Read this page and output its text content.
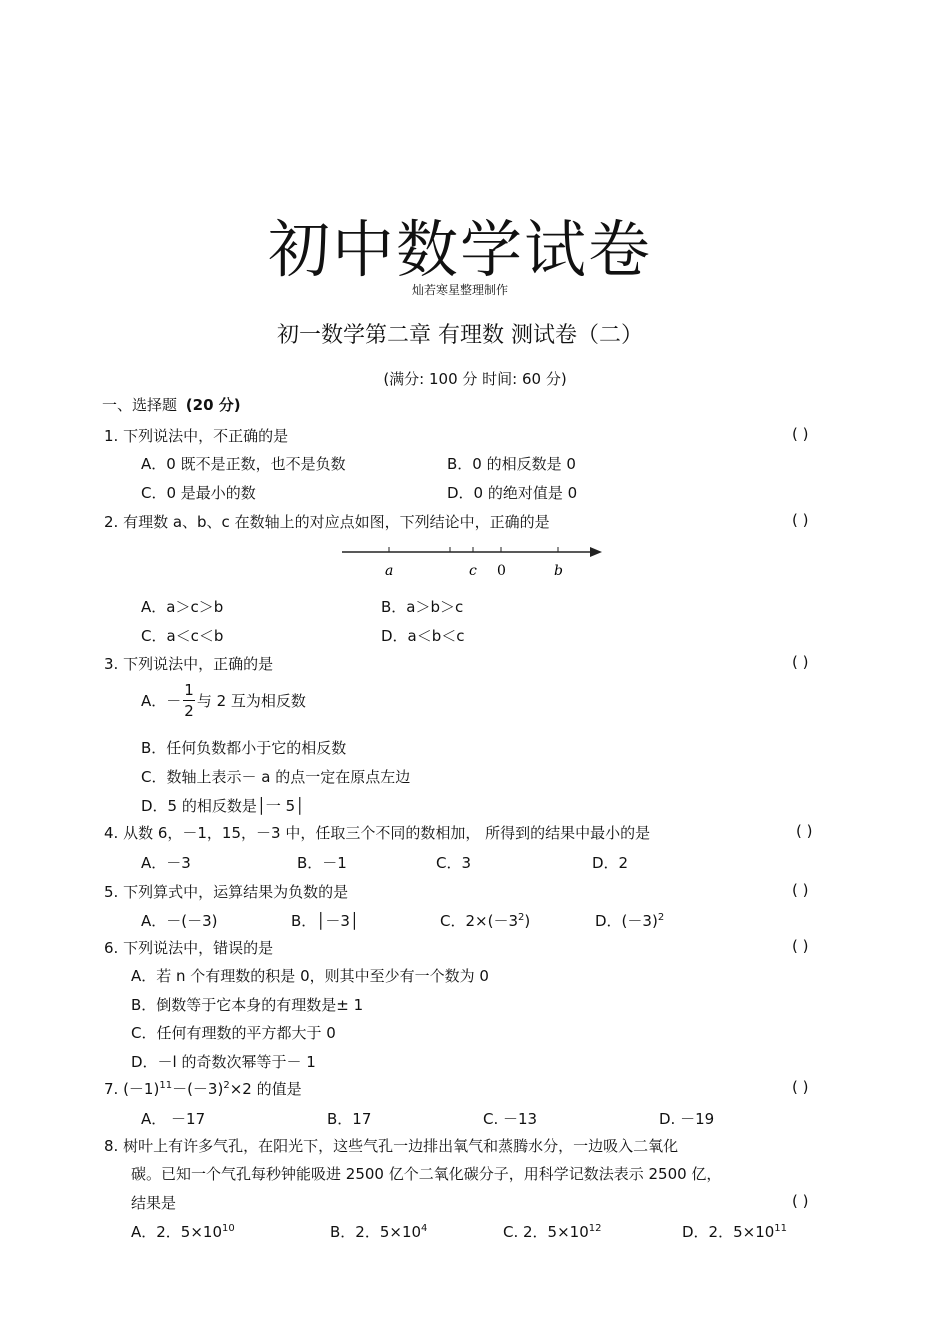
初中数学试卷
灿若寒星整理制作
初一数学第二章 有理数 测试卷（二）
(满分: 100 分 时间: 60 分)
一、选择题 (20 分)
1. 下列说法中，不正确的是	( )
A．0 既不是正数，也不是负数	B．0 的相反数是 0
C．0 是最小的数	D．0 的绝对值是 0
2. 有理数 a、b、c 在数轴上的对应点如图，下列结论中，正确的是	( )
a	c 0	b
A．a＞c＞b	B．a＞b＞c
C．a＜c＜b	D．a＜b＜c
3. 下列说法中，正确的是	( )
A．－ $\frac{1}{2}$ 与 2 互为相反数
B．任何负数都小于它的相反数
C．数轴上表示－ a 的点一定在原点左边
D．5 的相反数是│一 5│
4. 从数 6，－1，15，－3 中，任取三个不同的数相加， 所得到的结果中最小的是	( )
A．－3	B．－1	C．3	D．2
5. 下列算式中，运算结果为负数的是	( )
A．－(－3)	B．│－3│	C．$2\times(-3^2)$	D．$(-3)^2$
6. 下列说法中，错误的是	( )
A．若 n 个有理数的积是 0，则其中至少有一个数为 0
B．倒数等于它本身的有理数是± 1
C．任何有理数的平方都大于 0
D．－l 的奇数次幂等于－ 1
7. $(-1)^{11}-(-3)^2\times 2$ 的值是	( )
A． －17	B．17	C. －13	D. －19
8. 树叶上有许多气孔，在阳光下，这些气孔一边排出氧气和蒸腾水分，一边吸入二氧化
碳。已知一个气孔每秒钟能吸进 2500 亿个二氧化碳分子，用科学记数法表示 2500 亿，
结果是	( )
A．2．$5\times 10^{10}$	B．2．$5\times 10^4$	C. 2．$5\times 10^{12}$	D．2．$5\times 10^{11}$
